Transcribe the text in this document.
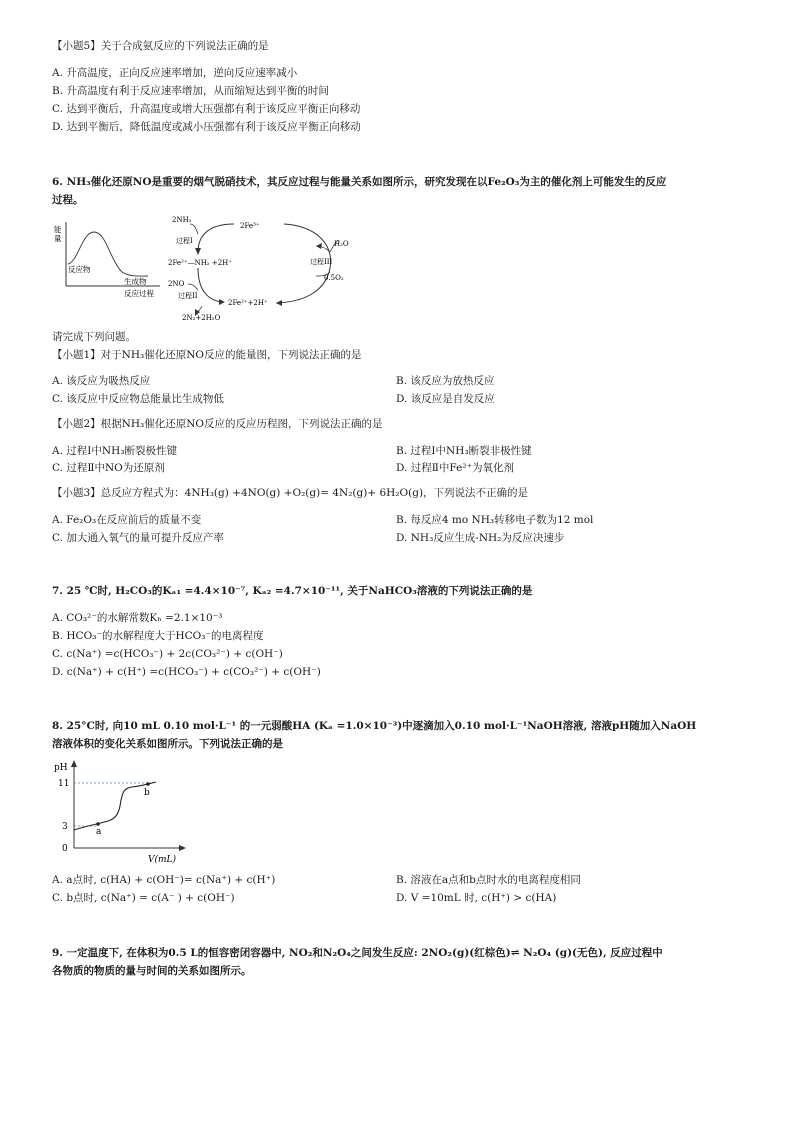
【小题5】关于合成氨反应的下列说法正确的是
A. 升高温度，正向反应速率增加，逆向反应速率减小
B. 升高温度有利于反应速率增加，从而缩短达到平衡的时间
C. 达到平衡后，升高温度或增大压强都有利于该反应平衡正向移动
D. 达到平衡后，降低温度或减小压强都有利于该反应平衡正向移动
6. NH₃催化还原NO是重要的烟气脱硝技术，其反应过程与能量关系如图所示，研究发现在以Fe₂O₃为主的催化剂上可能发生的反应
过程。
能
量
反应物
生成物
反应过程
2NH₃
2Fe³⁺
过程I
2Fe²⁺—NH₂ +2H⁺
H₂O
过程III
0.5O₂
2NO
过程II
2Fe²⁺+2H⁺
2N₂+2H₂O
请完成下列问题。
【小题1】对于NH₃催化还原NO反应的能量图，下列说法正确的是
A. 该反应为吸热反应	B. 该反应为放热反应
C. 该反应中反应物总能量比生成物低	D. 该反应是自发反应
【小题2】根据NH₃催化还原NO反应的反应历程图，下列说法正确的是
A. 过程Ⅰ中NH₃断裂极性键	B. 过程Ⅰ中NH₃断裂非极性键
C. 过程Ⅱ中NO为还原剂	D. 过程Ⅱ中Fe²⁺为氧化剂
【小题3】总反应方程式为：4NH₃(g) +4NO(g) +O₂(g)= 4N₂(g)+ 6H₂O(g)，下列说法不正确的是
A. Fe₂O₃在反应前后的质量不变	B. 每反应4 mo NH₃转移电子数为12 mol
C. 加大通入氧气的量可提升反应产率	D. NH₃反应生成-NH₂为反应决速步
7. 25 ℃时, H₂CO₃的Kₐ₁ =4.4×10⁻⁷, Kₐ₂ =4.7×10⁻¹¹, 关于NaHCO₃溶液的下列说法正确的是
A. CO₃²⁻的水解常数Kₕ =2.1×10⁻³
B. HCO₃⁻的水解程度大于HCO₃⁻的电离程度
C. c(Na⁺) =c(HCO₃⁻) + 2c(CO₃²⁻) + c(OH⁻)
D. c(Na⁺) + c(H⁺) =c(HCO₃⁻) + c(CO₃²⁻) + c(OH⁻)
8. 25°C时, 向10 mL 0.10 mol·L⁻¹ 的一元弱酸HA (Kₐ =1.0×10⁻³)中逐滴加入0.10 mol·L⁻¹NaOH溶液, 溶液pH随加入NaOH
溶液体积的变化关系如图所示。下列说法正确的是
pH
11
3
0
a
b
V(mL)
A. a点时, c(HA) + c(OH⁻)= c(Na⁺) + c(H⁺)	B. 溶液在a点和b点时水的电离程度相同
C. b点时, c(Na⁺) = c(A⁻ ) + c(OH⁻)	D. V =10mL 时, c(H⁺) > c(HA)
9. 一定温度下, 在体积为0.5 L的恒容密闭容器中, NO₂和N₂O₄之间发生反应: 2NO₂(g)(红棕色)⇌ N₂O₄ (g)(无色), 反应过程中
各物质的物质的量与时间的关系如图所示。
